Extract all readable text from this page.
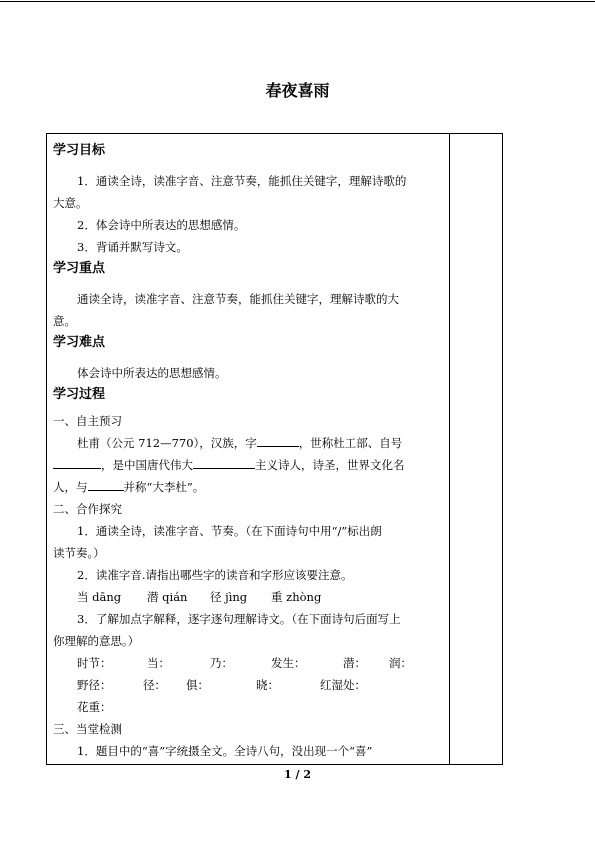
春夜喜雨

学习目标

1．通读全诗，读准字音、注意节奏，能抓住关键字，理解诗歌的

大意。

2．体会诗中所表达的思想感情。

3．背诵并默写诗文。

学习重点

通读全诗，读准字音、注意节奏，能抓住关键字，理解诗歌的大

意。

学习难点

体会诗中所表达的思想感情。

学习过程

一、自主预习

杜甫（公元 712—770），汉族，字	，世称杜工部、自号

，是中国唐代伟大	主义诗人，诗圣，世界文化名

人，与	并称“大李杜”。

二、合作探究

1．通读全诗，读准字音、节奏。（在下面诗句中用“/”标出朗

读节奏。）

2．读准字音.请指出哪些字的读音和字形应该要注意。

当 dāng 潜 qián 径 jìng 重 zhòng

3．了解加点字解释，逐字逐句理解诗文。（在下面诗句后面写上

你理解的意思。）

时节：	当：	乃：	发生：	潜： 润：
野径：	径： 俱：	晓：	红湿处：
花重：

三、当堂检测

1．题目中的“喜”字统摄全文。全诗八句，没出现一个“喜”

1 / 2
